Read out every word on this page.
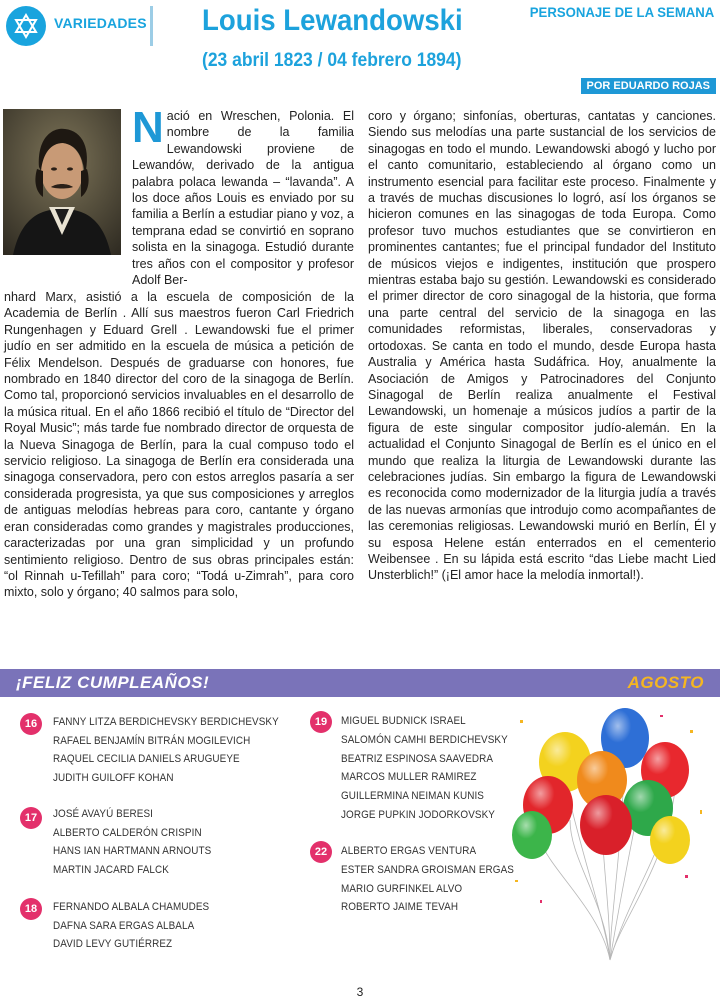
VARIEDADES Louis Lewandowski
(23 abril 1823 / 04 febrero 1894)
PERSONAJE DE LA SEMANA
POR EDUARDO ROJAS
Nació en Wreschen, Polonia. El nombre de la familia Lewandowski proviene de Lewandów, derivado de la antigua palabra polaca lewanda – “lavanda”. A los doce años Louis es enviado por su familia a Berlín a estudiar piano y voz, a temprana edad se convirtió en soprano solista en la sinagoga. Estudió durante tres años con el compositor y profesor Adolf Ber-
nhard Marx, asistió a la escuela de composición de la Academia de Berlín . Allí sus maestros fueron Carl Friedrich Rungenhagen y Eduard Grell . Lewandowski fue el primer judío en ser admitido en la escuela de música a petición de Félix Mendelson. Después de graduarse con honores, fue nombrado en 1840 director del coro de la sinagoga de Berlín. Como tal, proporcionó servicios invaluables en el desarrollo de la música ritual. En el año 1866 recibió el título de “Director del Royal Music”; más tarde fue nombrado director de orquesta de la Nueva Sinagoga de Berlín, para la cual compuso todo el servicio religioso. La sinagoga de Berlín era considerada una sinagoga conservadora, pero con estos arreglos pasaría a ser considerada progresista, ya que sus composiciones y arreglos de antiguas melodías hebreas para coro, cantante y órgano eran consideradas como grandes y magistrales producciones, caracterizadas por una gran simplicidad y un profundo sentimiento religioso. Dentro de sus obras principales están: “ol Rinnah u-Tefillah” para coro; “Todá u-Zimrah”, para coro mixto, solo y órgano; 40 salmos para solo,
coro y órgano; sinfonías, oberturas, cantatas y canciones. Siendo sus melodías una parte sustancial de los servicios de sinagogas en todo el mundo. Lewandowski abogó y lucho por el canto comunitario, estableciendo al órgano como un instrumento esencial para facilitar este proceso. Finalmente y a través de muchas discusiones lo logró, así los órganos se hicieron comunes en las sinagogas de toda Europa. Como profesor tuvo muchos estudiantes que se convirtieron en prominentes cantantes; fue el principal fundador del Instituto de músicos viejos e indigentes, institución que prospero mientras estaba bajo su gestión. Lewandowski es considerado el primer director de coro sinagogal de la historia, que forma una parte central del servicio de la sinagoga en las comunidades reformistas, liberales, conservadoras y ortodoxas. Se canta en todo el mundo, desde Europa hasta Australia y América hasta Sudáfrica. Hoy, anualmente la Asociación de Amigos y Patrocinadores del Conjunto Sinagogal de Berlín realiza anualmente el Festival Lewandowski, un homenaje a músicos judíos a partir de la figura de este singular compositor judío-alemán. En la actualidad el Conjunto Sinagogal de Berlín es el único en el mundo que realiza la liturgia de Lewandowski durante las celebraciones judías. Sin embargo la figura de Lewandowski es reconocida como modernizador de la liturgia judía a través de las nuevas armonías que introdujo como acompañantes de las ceremonias religiosas. Lewandowski murió en Berlín, Él y su esposa Helene están enterrados en el cementerio Weibensee . En su lápida está escrito “das Liebe macht Lied Unsterblich!” (¡El amor hace la melodía inmortal!).
¡FELIZ CUMPLEAÑOS!	AGOSTO
16	FANNY LITZA BERDICHEVSKY BERDICHEVSKY
RAFAEL BENJAMÍN BITRÁN MOGILEVICH
RAQUEL CECILIA DANIELS ARUGUEYE
JUDITH GUILOFF KOHAN
17	JOSÉ AVAYÚ BERESI
ALBERTO CALDERÓN CRISPIN
HANS IAN HARTMANN ARNOUTS
MARTIN JACARD FALCK
18	FERNANDO ALBALA CHAMUDES
DAFNA SARA ERGAS ALBALA
DAVID LEVY GUTIÉRREZ
19	MIGUEL BUDNICK ISRAEL
SALOMÓN CAMHI BERDICHEVSKY
BEATRIZ ESPINOSA SAAVEDRA
MARCOS MULLER RAMIREZ
GUILLERMINA NEIMAN KUNIS
JORGE PUPKIN JODORKOVSKY
22	ALBERTO ERGAS VENTURA
ESTER SANDRA GROISMAN ERGAS
MARIO GURFINKEL ALVO
ROBERTO JAIME TEVAH
3
